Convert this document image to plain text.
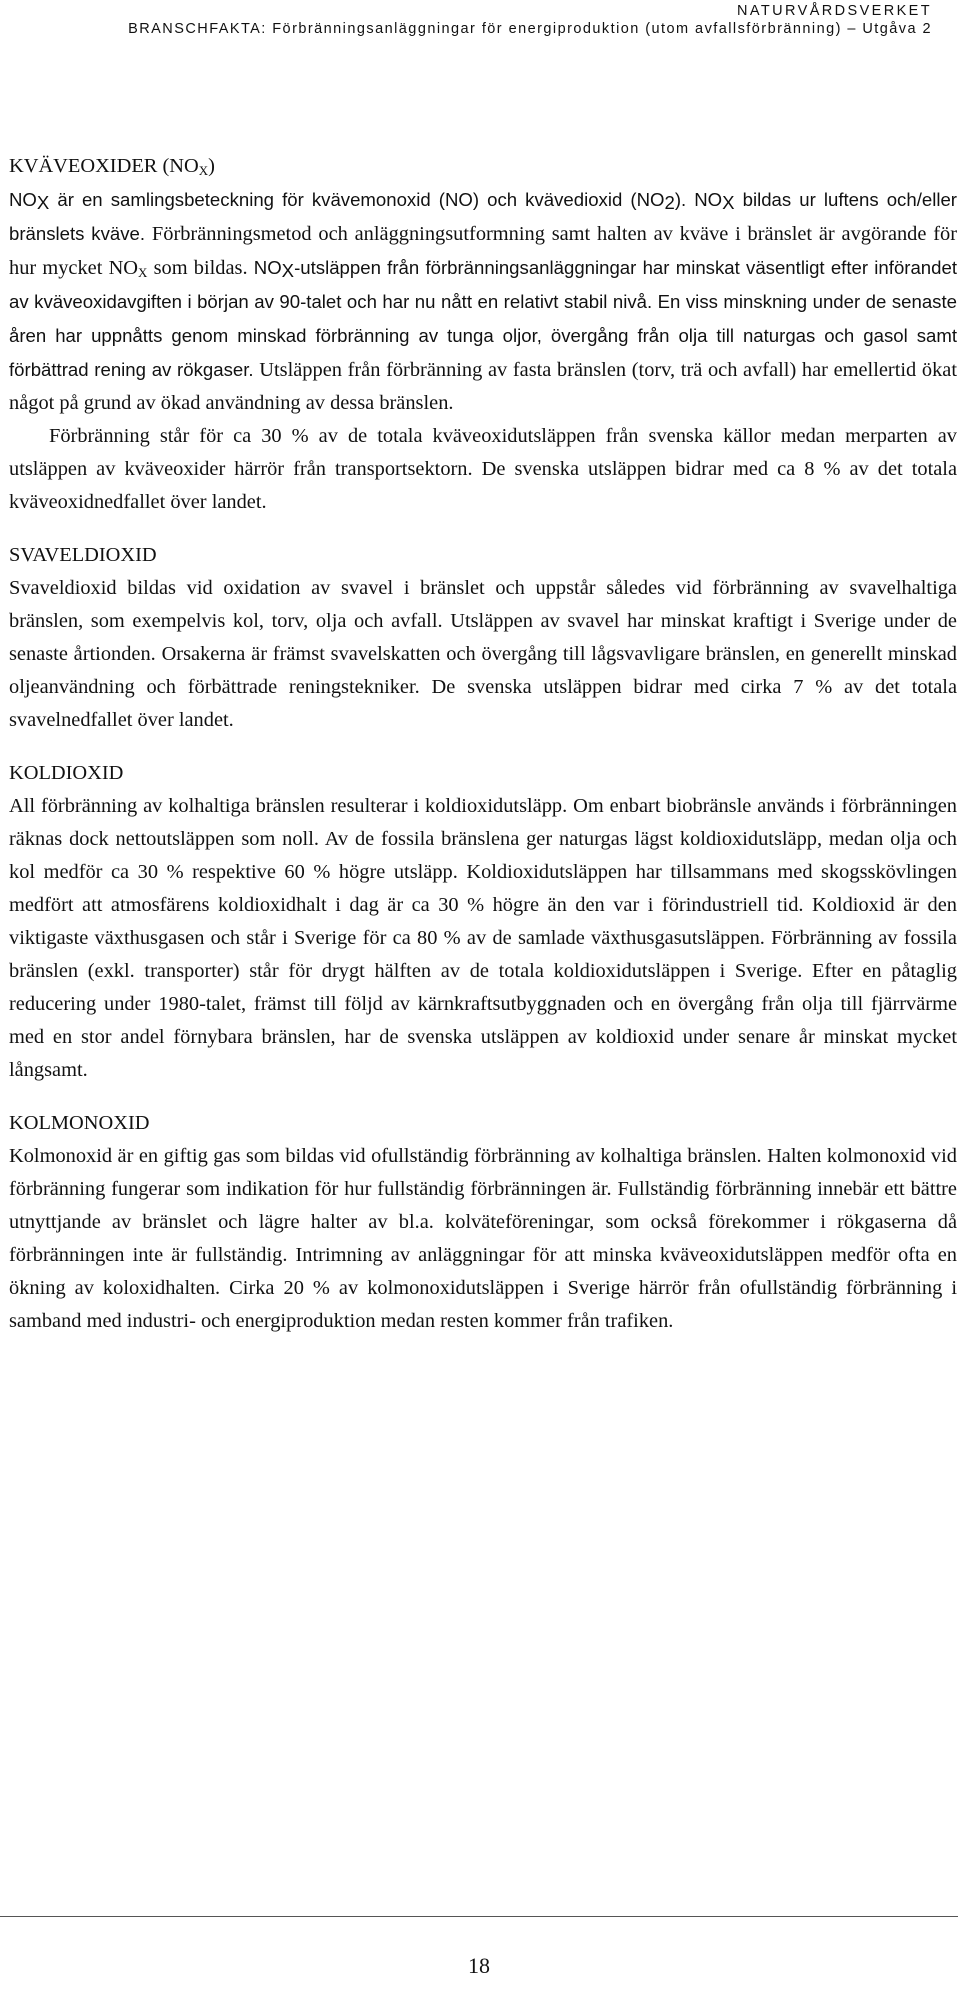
NATURVÅRDSVERKET
BRANSCHFAKTA: Förbränningsanläggningar för energiproduktion (utom avfallsförbränning) – Utgåva 2
KVÄVEOXIDER $(NO_X)$

$NO_X$ är en samlingsbeteckning för kvävemonoxid (NO) och kvävedioxid $(NO_2)$. $NO_X$ bildas ur luftens och/eller bränslets kväve. Förbränningsmetod och anläggningsutformning samt halten av kväve i bränslet är avgörande för hur mycket $NO_X$ som bildas. $NO_X$-utsläppen från förbränningsanläggningar har minskat väsentligt efter införandet av kväveoxidavgiften i början av 90-talet och har nu nått en relativt stabil nivå. En viss minskning under de senaste åren har uppnåtts genom minskad förbränning av tunga oljor, övergång från olja till naturgas och gasol samt förbättrad rening av rökgaser. Utsläppen från förbränning av fasta bränslen (torv, trä och avfall) har emellertid ökat något på grund av ökad användning av dessa bränslen.

Förbränning står för ca 30 % av de totala kväveoxidutsläppen från svenska källor medan merparten av utsläppen av kväveoxider härrör från transportsektorn. De svenska utsläppen bidrar med ca 8 % av det totala kväveoxidnedfallet över landet.

SVAVELDIOXID

Svaveldioxid bildas vid oxidation av svavel i bränslet och uppstår således vid förbränning av svavelhaltiga bränslen, som exempelvis kol, torv, olja och avfall. Utsläppen av svavel har minskat kraftigt i Sverige under de senaste årtionden. Orsakerna är främst svavelskatten och övergång till lågsvavligare bränslen, en generellt minskad oljeanvändning och förbättrade reningstekniker. De svenska utsläppen bidrar med cirka 7 % av det totala svavelnedfallet över landet.

KOLDIOXID

All förbränning av kolhaltiga bränslen resulterar i koldioxidutsläpp. Om enbart biobränsle används i förbränningen räknas dock nettoutsläppen som noll. Av de fossila bränslena ger naturgas lägst koldioxidutsläpp, medan olja och kol medför ca 30 % respektive 60 % högre utsläpp. Koldioxidutsläppen har tillsammans med skogsskövlingen medfört att atmosfärens koldioxidhalt i dag är ca 30 % högre än den var i förindustriell tid. Koldioxid är den viktigaste växthusgasen och står i Sverige för ca 80 % av de samlade växthusgasutsläppen. Förbränning av fossila bränslen (exkl. transporter) står för drygt hälften av de totala koldioxidutsläppen i Sverige. Efter en påtaglig reducering under 1980-talet, främst till följd av kärnkraftsutbyggnaden och en övergång från olja till fjärrvärme med en stor andel förnybara bränslen, har de svenska utsläppen av koldioxid under senare år minskat mycket långsamt.

KOLMONOXID

Kolmonoxid är en giftig gas som bildas vid ofullständig förbränning av kolhaltiga bränslen. Halten kolmonoxid vid förbränning fungerar som indikation för hur fullständig förbränningen är. Fullständig förbränning innebär ett bättre utnyttjande av bränslet och lägre halter av bl.a. kolväteföreningar, som också förekommer i rökgaserna då förbränningen inte är fullständig. Intrimning av anläggningar för att minska kväveoxidutsläppen medför ofta en ökning av koloxidhalten. Cirka 20 % av kolmonoxidutsläppen i Sverige härrör från ofullständig förbränning i samband med industri- och energiproduktion medan resten kommer från trafiken.

18
